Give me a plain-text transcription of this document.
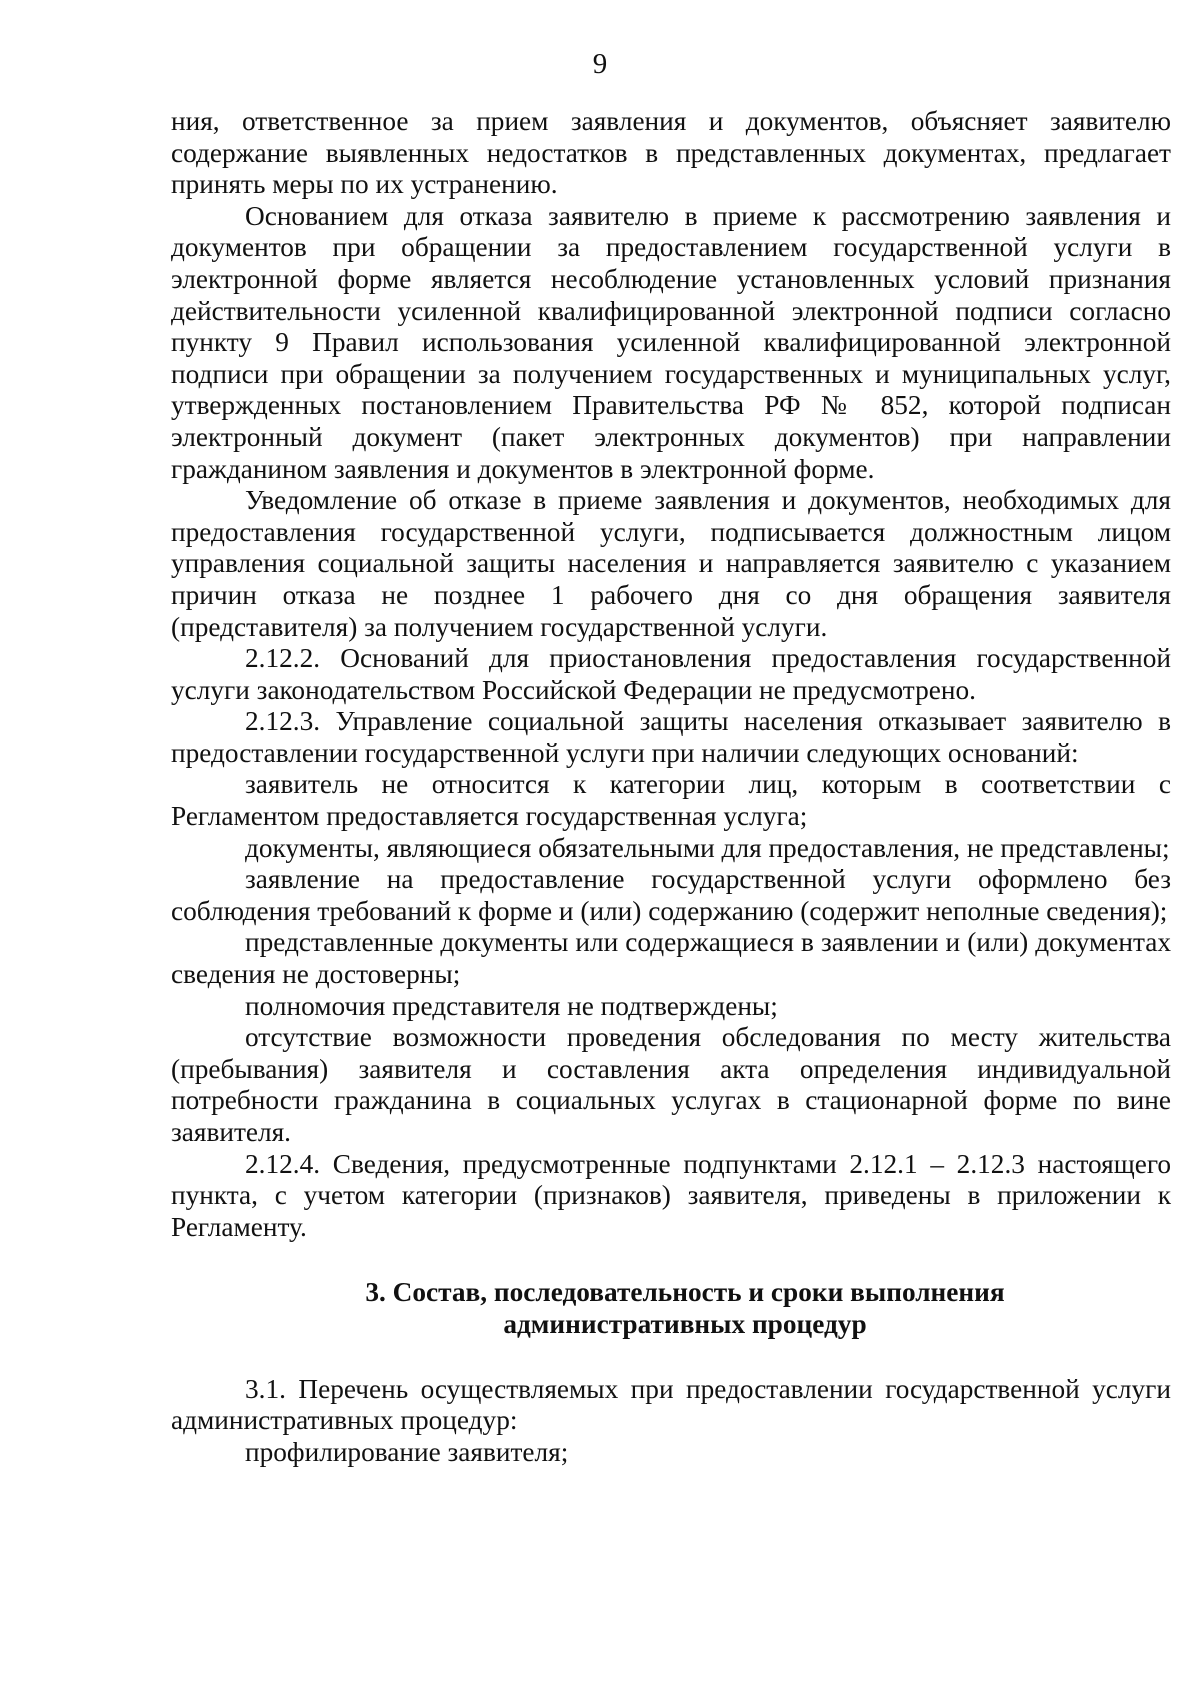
9

ния, ответственное за прием заявления и документов, объясняет заявителю содержание выявленных недостатков в представленных документах, предлагает принять меры по их устранению.

Основанием для отказа заявителю в приеме к рассмотрению заявления и документов при обращении за предоставлением государственной услуги в электронной форме является несоблюдение установленных условий признания действительности усиленной квалифицированной электронной подписи согласно пункту 9 Правил использования усиленной квалифицированной электронной подписи при обращении за получением государственных и муниципальных услуг, утвержденных постановлением Правительства РФ № 852, которой подписан электронный документ (пакет электронных документов) при направлении гражданином заявления и документов в электронной форме.

Уведомление об отказе в приеме заявления и документов, необходимых для предоставления государственной услуги, подписывается должностным лицом управления социальной защиты населения и направляется заявителю с указанием причин отказа не позднее 1 рабочего дня со дня обращения заявителя (представителя) за получением государственной услуги.

2.12.2. Оснований для приостановления предоставления государственной услуги законодательством Российской Федерации не предусмотрено.

2.12.3. Управление социальной защиты населения отказывает заявителю в предоставлении государственной услуги при наличии следующих оснований:

заявитель не относится к категории лиц, которым в соответствии с Регламентом предоставляется государственная услуга;

документы, являющиеся обязательными для предоставления, не представлены;

заявление на предоставление государственной услуги оформлено без соблюдения требований к форме и (или) содержанию (содержит неполные сведения);

представленные документы или содержащиеся в заявлении и (или) документах сведения не достоверны;

полномочия представителя не подтверждены;

отсутствие возможности проведения обследования по месту жительства (пребывания) заявителя и составления акта определения индивидуальной потребности гражданина в социальных услугах в стационарной форме по вине заявителя.

2.12.4. Сведения, предусмотренные подпунктами 2.12.1 – 2.12.3 настоящего пункта, с учетом категории (признаков) заявителя, приведены в приложении к Регламенту.

3. Состав, последовательность и сроки выполнения
административных процедур

3.1. Перечень осуществляемых при предоставлении государственной услуги административных процедур:

профилирование заявителя;
